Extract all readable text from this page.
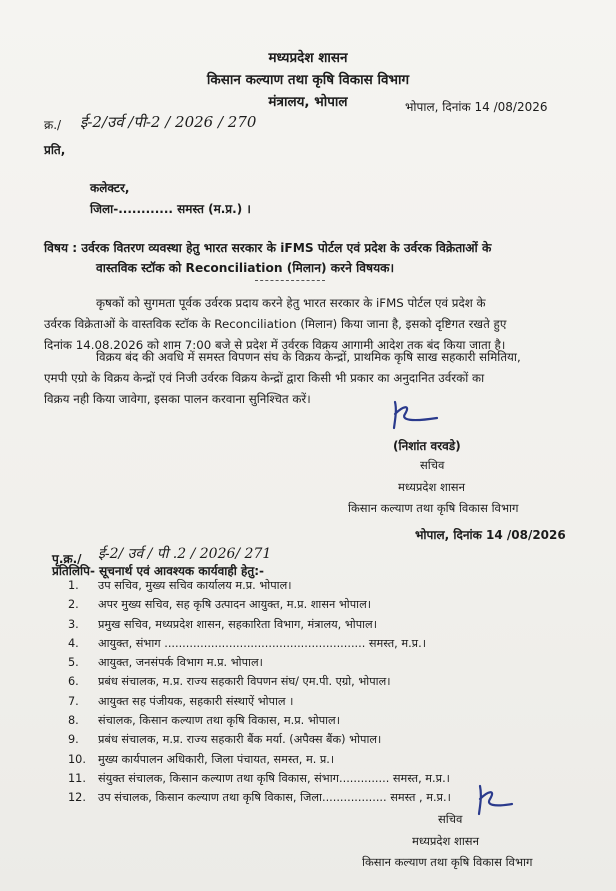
मध्यप्रदेश शासन
किसान कल्याण तथा कृषि विकास विभाग
मंत्रालय, भोपाल
क्र./ ई-2/उर्व /पी-2 / 2026 / 270
भोपाल, दिनांक 14 /08/2026
प्रति,
कलेक्टर,
जिला-............ समस्त (म.प्र.) ।
विषय : उर्वरक वितरण व्यवस्था हेतु भारत सरकार के iFMS पोर्टल एवं प्रदेश के उर्वरक विक्रेताओं के
वास्तविक स्टॉक को Reconciliation (मिलान) करने विषयक।
कृषकों को सुगमता पूर्वक उर्वरक प्रदाय करने हेतु भारत सरकार के iFMS पोर्टल एवं प्रदेश के
उर्वरक विक्रेताओं के वास्तविक स्टॉक के Reconciliation (मिलान) किया जाना है, इसको दृष्टिगत रखते हुए
दिनांक 14.08.2026 को शाम 7:00 बजे से प्रदेश में उर्वरक विक्रय आगामी आदेश तक बंद किया जाता है।
विक्रय बंद की अवधि में समस्त विपणन संघ के विक्रय केन्द्रों, प्राथमिक कृषि साख सहकारी समितिया,
एमपी एग्रो के विक्रय केन्द्रों एवं निजी उर्वरक विक्रय केन्द्रों द्वारा किसी भी प्रकार का अनुदानित उर्वरकों का
विक्रय नही किया जावेगा, इसका पालन करवाना सुनिश्चित करें।
(निशांत वरवडे)
सचिव
मध्यप्रदेश शासन
किसान कल्याण तथा कृषि विकास विभाग
भोपाल, दिनांक 14 /08/2026
पृ.क्र./ ई-2/ उर्व / पी .2 / 2026/ 271
प्रतिलिपि- सूचनार्थ एवं आवश्यक कार्यवाही हेतु:-
1. उप सचिव, मुख्य सचिव कार्यालय म.प्र. भोपाल।
2. अपर मुख्य सचिव, सह कृषि उत्पादन आयुक्त, म.प्र. शासन भोपाल।
3. प्रमुख सचिव, मध्यप्रदेश शासन, सहकारिता विभाग, मंत्रालय, भोपाल।
4. आयुक्त, संभाग ........................................................ समस्त, म.प्र.।
5. आयुक्त, जनसंपर्क विभाग म.प्र. भोपाल।
6. प्रबंध संचालक, म.प्र. राज्य सहकारी विपणन संघ/ एम.पी. एग्रो, भोपाल।
7. आयुक्त सह पंजीयक, सहकारी संस्थाऐं भोपाल ।
8. संचालक, किसान कल्याण तथा कृषि विकास, म.प्र. भोपाल।
9. प्रबंध संचालक, म.प्र. राज्य सहकारी बैंक मर्या. (अपैक्स बैंक) भोपाल।
10. मुख्य कार्यपालन अधिकारी, जिला पंचायत, समस्त, म. प्र.।
11. संयुक्त संचालक, किसान कल्याण तथा कृषि विकास, संभाग.............. समस्त, म.प्र.।
12. उप संचालक, किसान कल्याण तथा कृषि विकास, जिला.................. समस्त , म.प्र.।
सचिव
मध्यप्रदेश शासन
किसान कल्याण तथा कृषि विकास विभाग
